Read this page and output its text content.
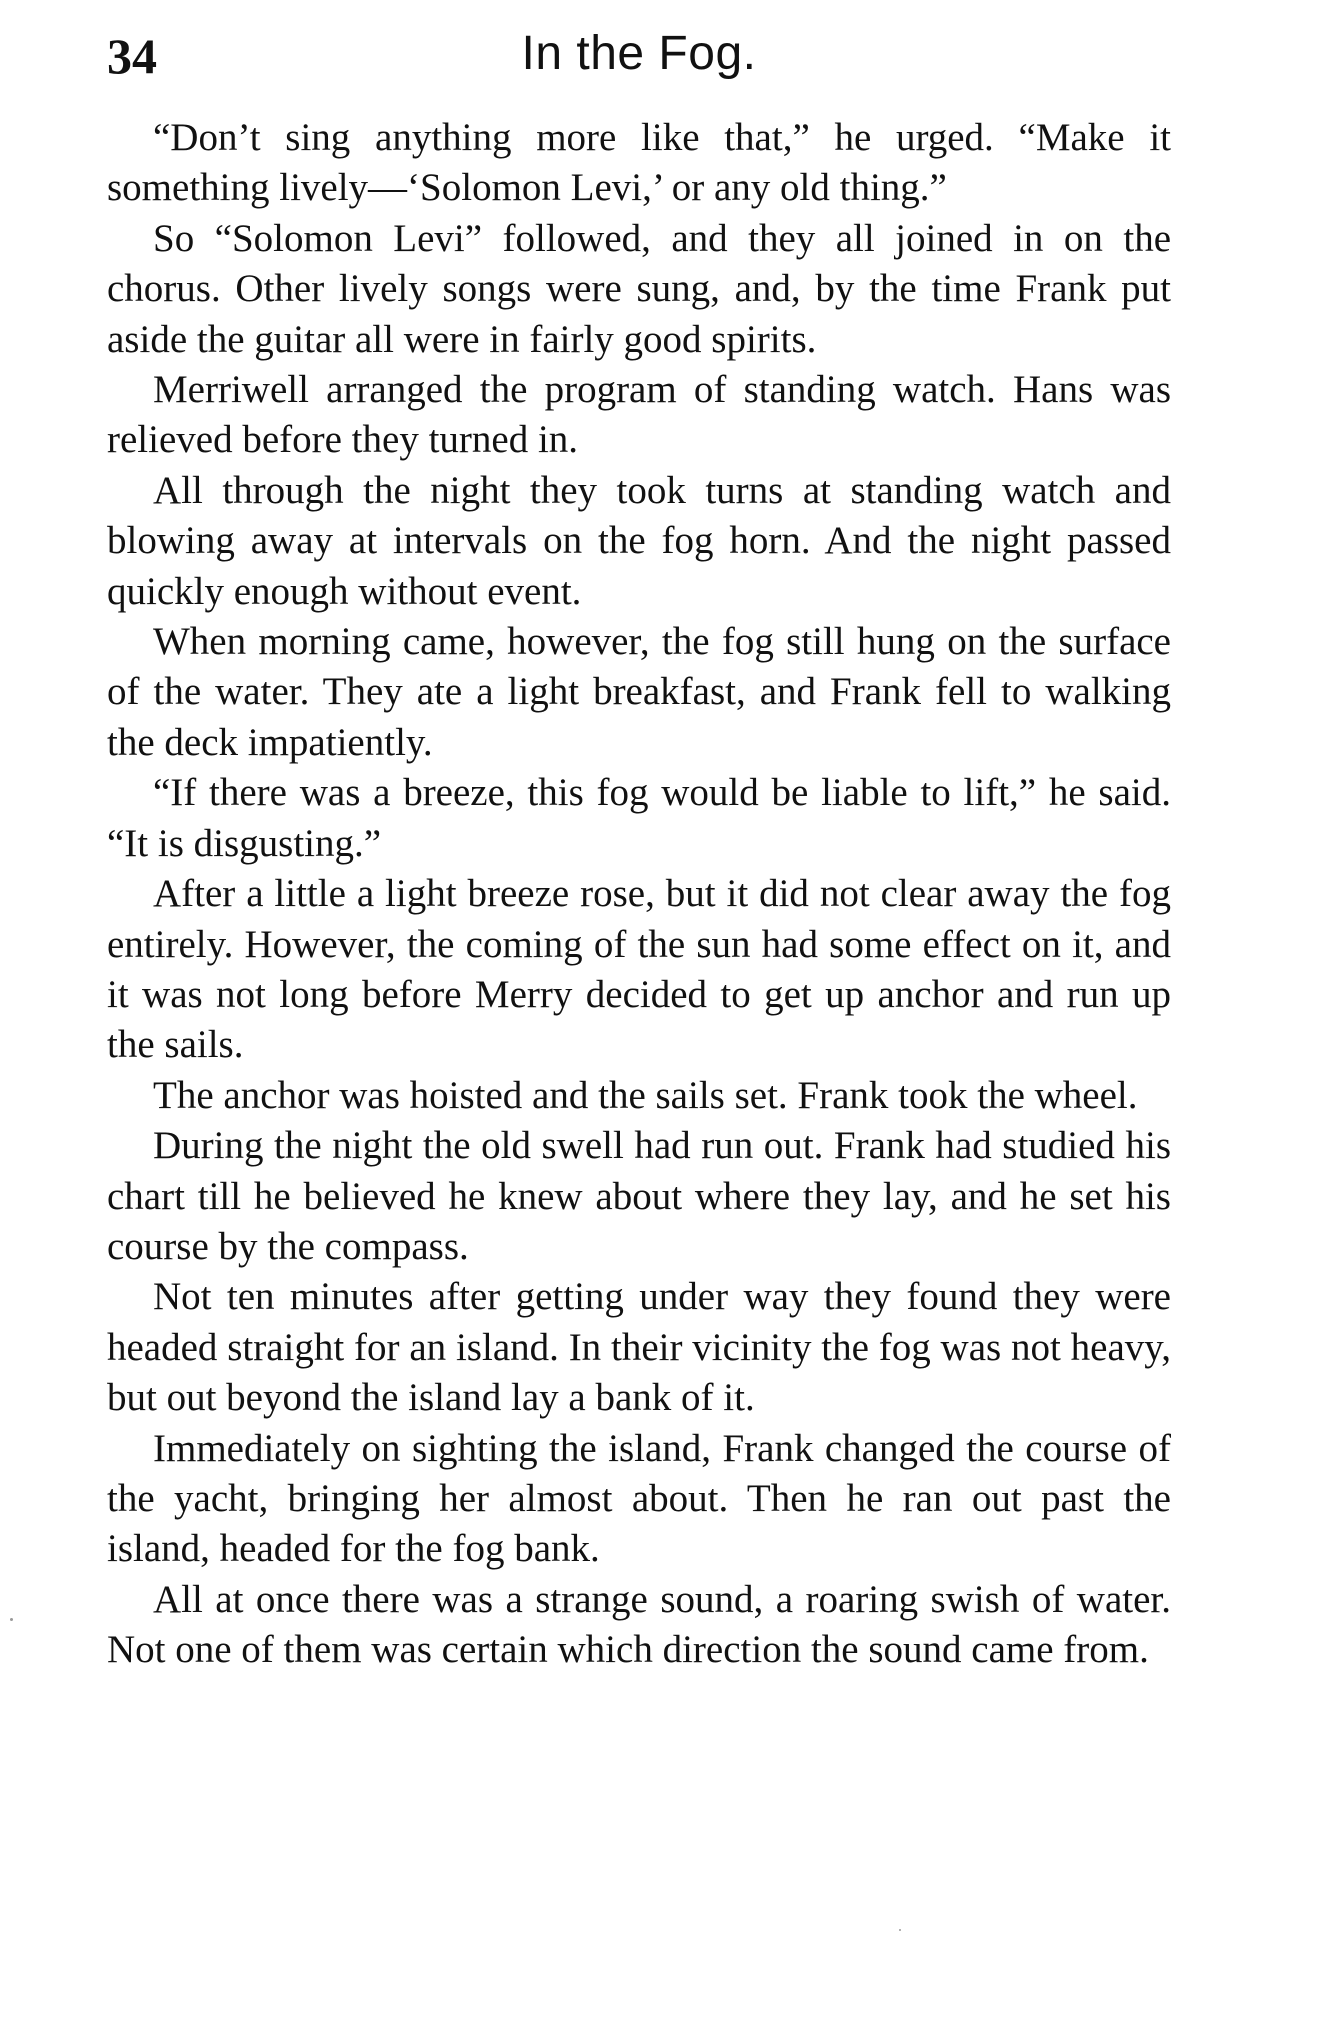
34	In the Fog.

“Don’t sing anything more like that,” he urged. “Make it something lively—‘Solomon Levi,’ or any old thing.”

So “Solomon Levi” followed, and they all joined in on the chorus. Other lively songs were sung, and, by the time Frank put aside the guitar all were in fairly good spirits.

Merriwell arranged the program of standing watch. Hans was relieved before they turned in.

All through the night they took turns at standing watch and blowing away at intervals on the fog horn. And the night passed quickly enough without event.

When morning came, however, the fog still hung on the surface of the water. They ate a light breakfast, and Frank fell to walking the deck impatiently.

“If there was a breeze, this fog would be liable to lift,” he said. “It is disgusting.”

After a little a light breeze rose, but it did not clear away the fog entirely. However, the coming of the sun had some effect on it, and it was not long before Merry decided to get up anchor and run up the sails.

The anchor was hoisted and the sails set. Frank took the wheel.

During the night the old swell had run out. Frank had studied his chart till he believed he knew about where they lay, and he set his course by the compass.

Not ten minutes after getting under way they found they were headed straight for an island. In their vicinity the fog was not heavy, but out beyond the island lay a bank of it.

Immediately on sighting the island, Frank changed the course of the yacht, bringing her almost about. Then he ran out past the island, headed for the fog bank.

All at once there was a strange sound, a roaring swish of water. Not one of them was certain which direction the sound came from.
